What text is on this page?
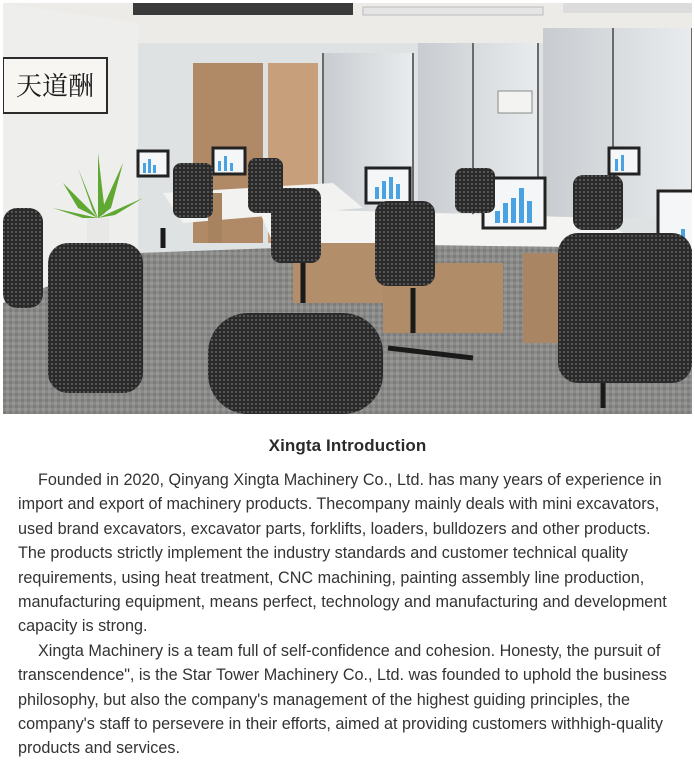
天道酬
Xingta Introduction

Founded in 2020, Qinyang Xingta Machinery Co., Ltd. has many years of experience in import and export of machinery products. Thecompany mainly deals with mini excavators, used brand excavators, excavator parts, forklifts, loaders, bulldozers and other products. The products strictly implement the industry standards and customer technical quality requirements, using heat treatment, CNC machining, painting assembly line production, manufacturing equipment, means perfect, technology and manufacturing and development capacity is strong.

Xingta Machinery is a team full of self-confidence and cohesion. Honesty, the pursuit of transcendence", is the Star Tower Machinery Co., Ltd. was founded to uphold the business philosophy, but also the company's management of the highest guiding principles, the company's staff to persevere in their efforts, aimed at providing customers withhigh-quality products and services.
